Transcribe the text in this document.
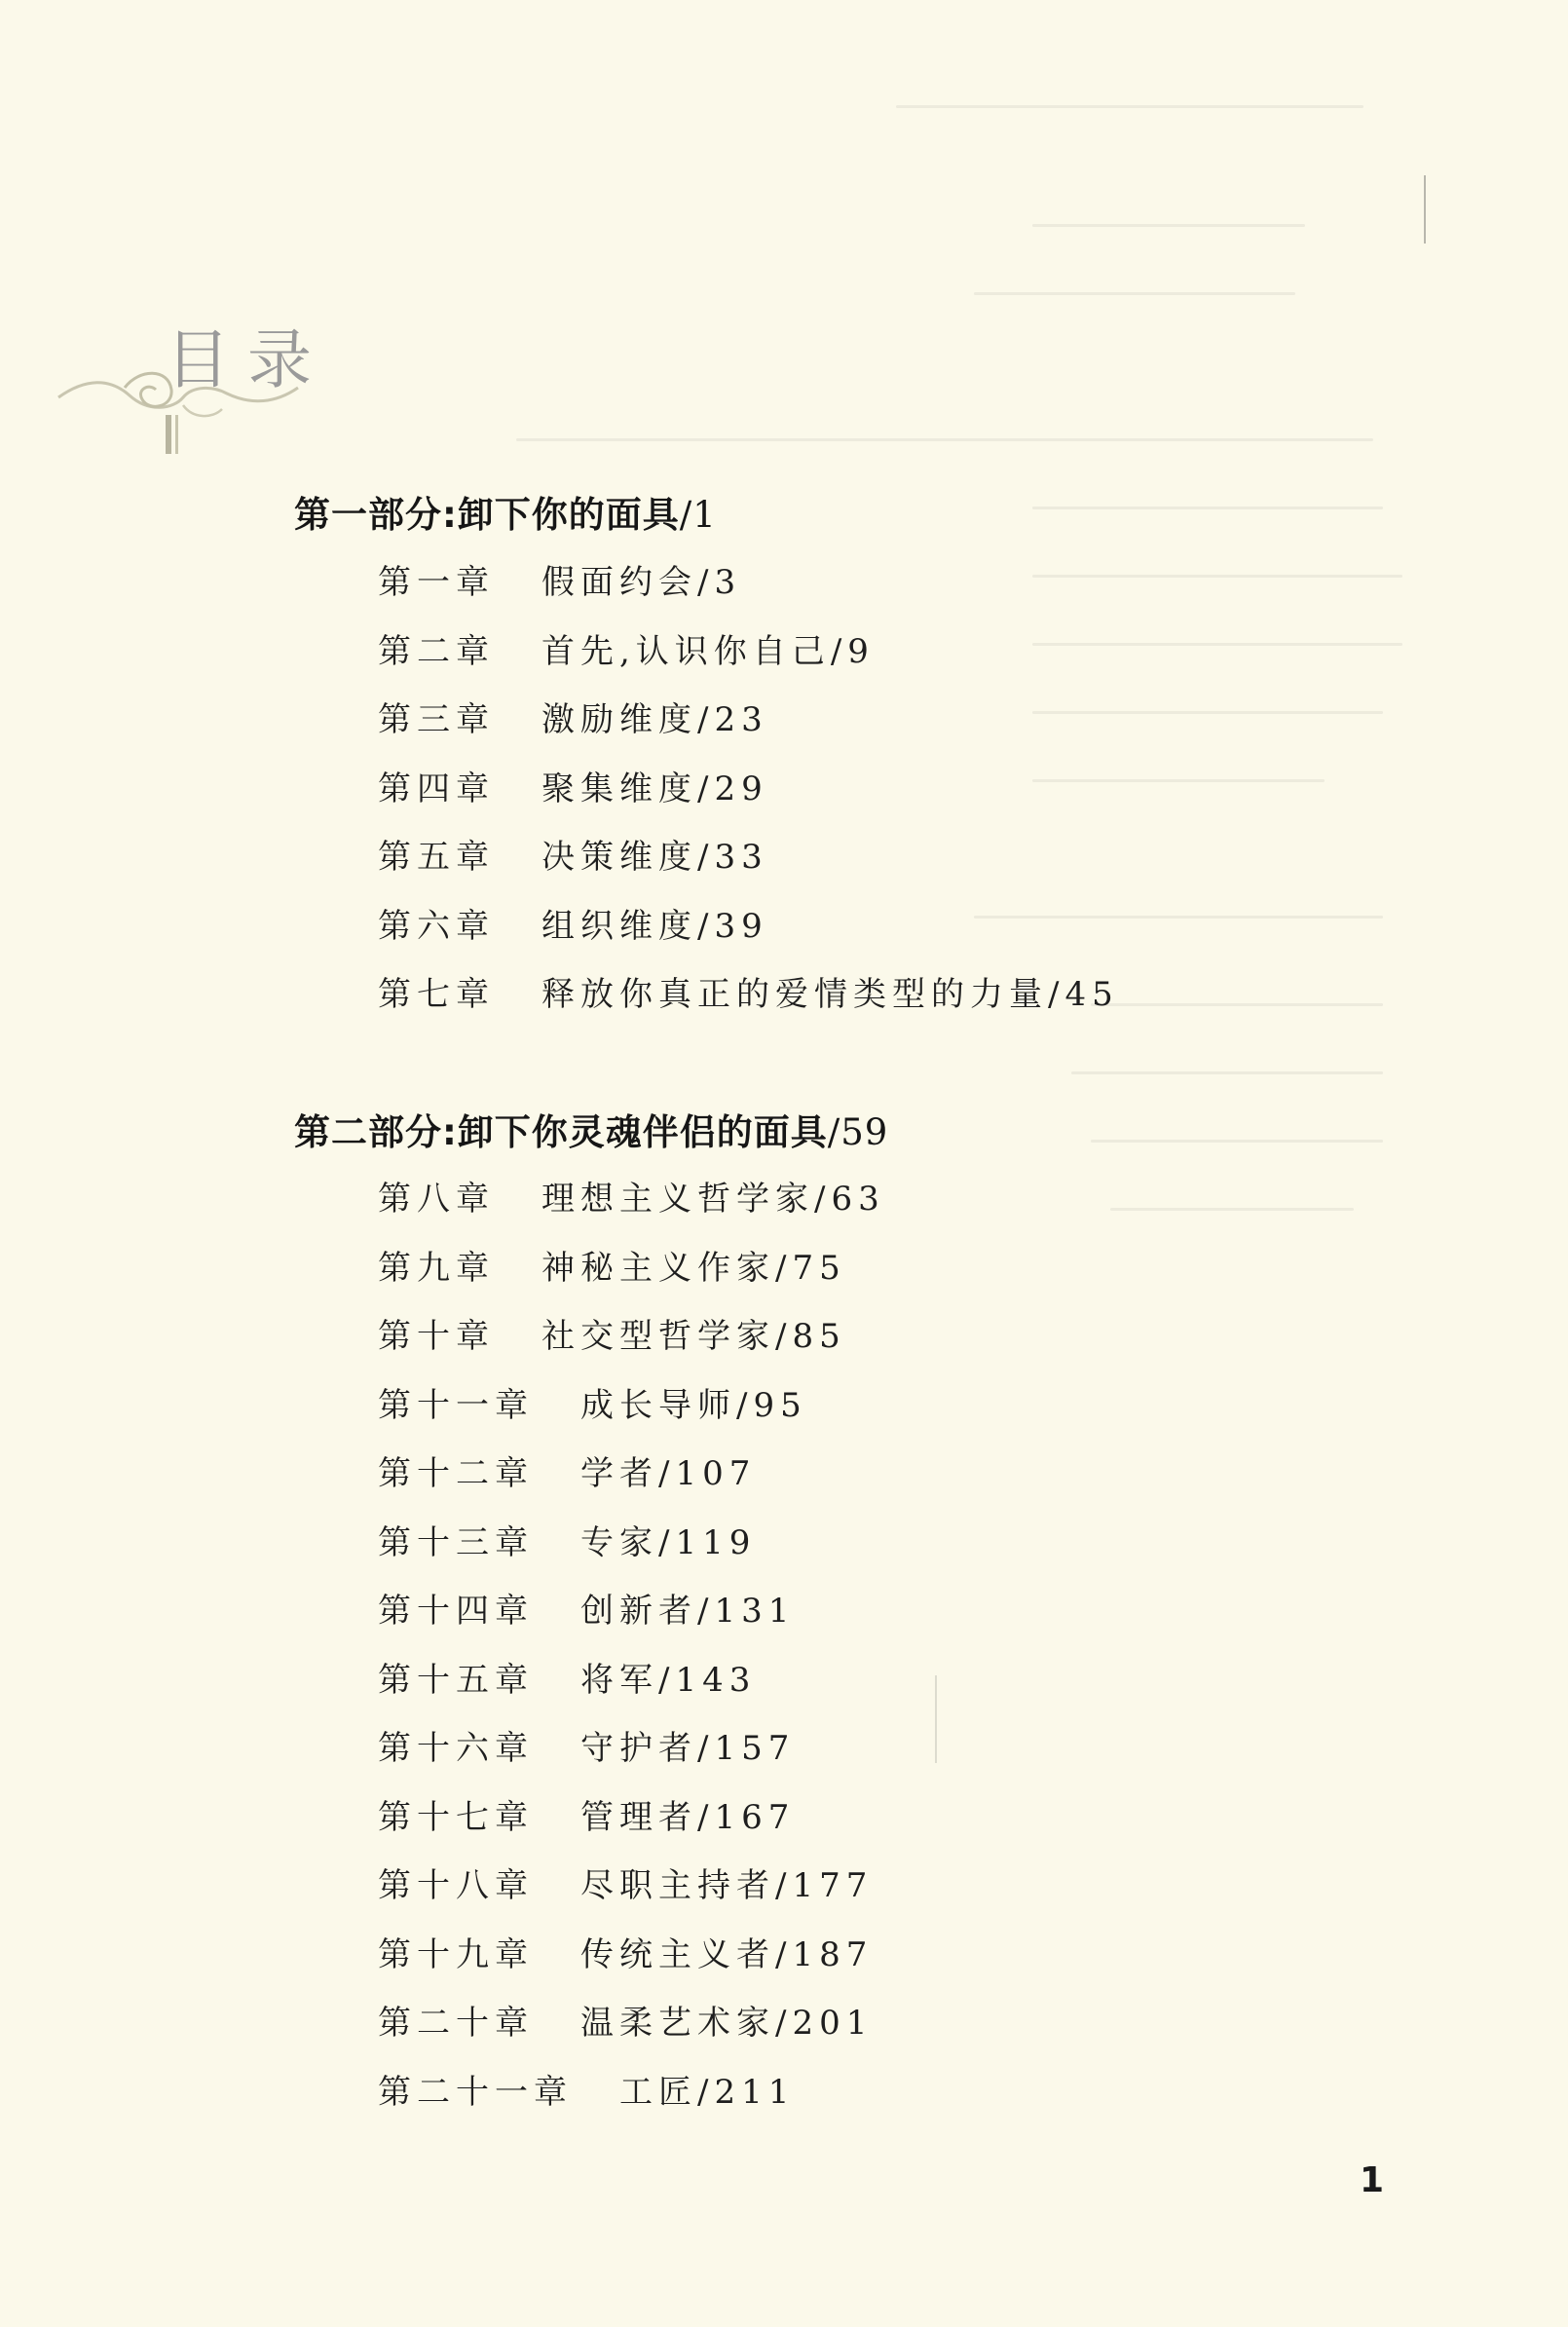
目录
第一部分:卸下你的面具/1
第一章 假面约会/3
第二章 首先,认识你自己/9
第三章 激励维度/23
第四章 聚集维度/29
第五章 决策维度/33
第六章 组织维度/39
第七章 释放你真正的爱情类型的力量/45
第二部分:卸下你灵魂伴侣的面具/59
第八章 理想主义哲学家/63
第九章 神秘主义作家/75
第十章 社交型哲学家/85
第十一章 成长导师/95
第十二章 学者/107
第十三章 专家/119
第十四章 创新者/131
第十五章 将军/143
第十六章 守护者/157
第十七章 管理者/167
第十八章 尽职主持者/177
第十九章 传统主义者/187
第二十章 温柔艺术家/201
第二十一章 工匠/211
1
